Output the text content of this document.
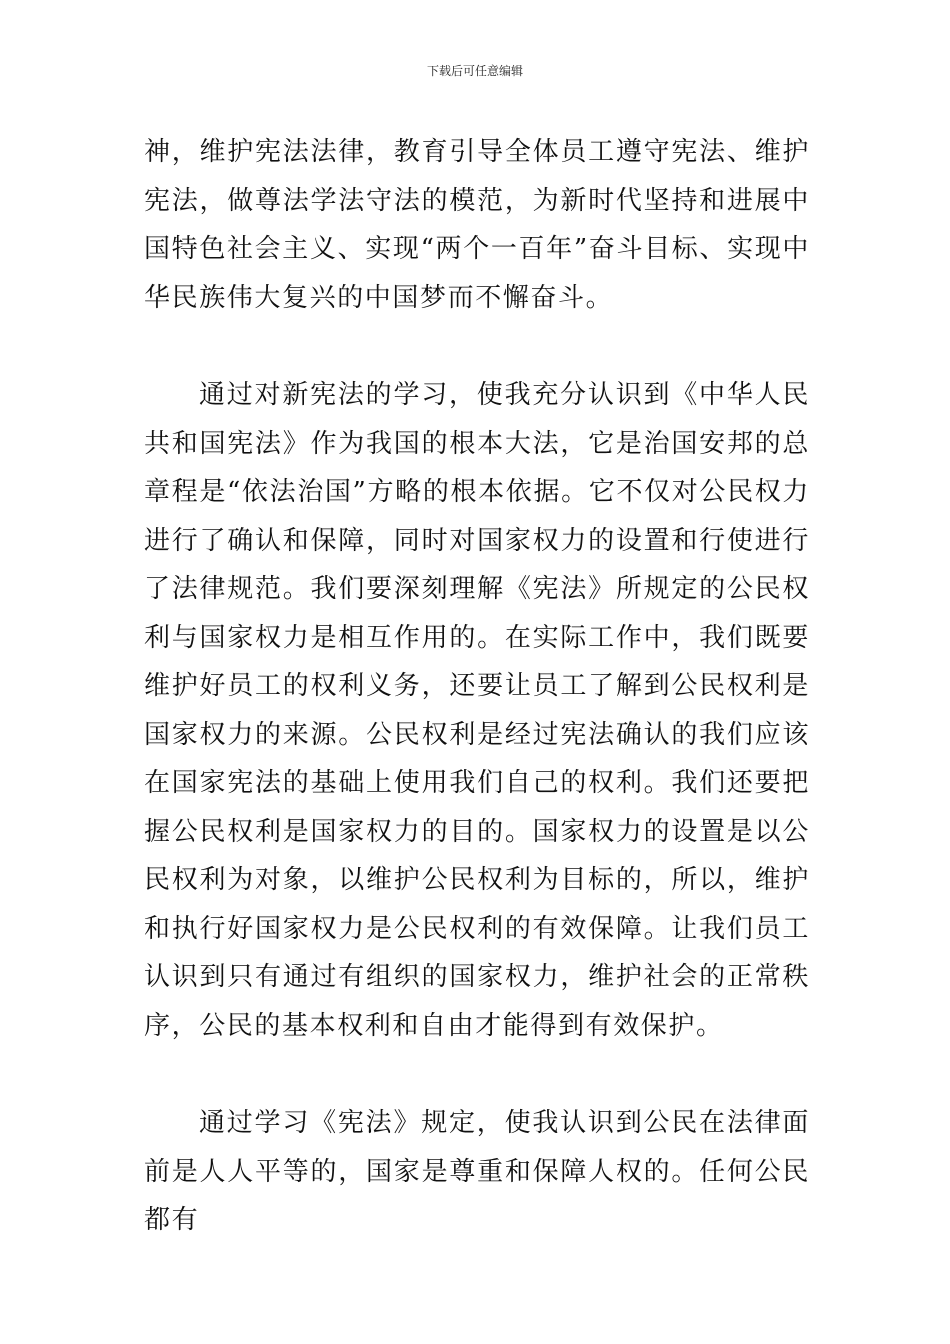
下载后可任意编辑

神，维护宪法法律，教育引导全体员工遵守宪法、维护宪法，做尊法学法守法的模范，为新时代坚持和进展中国特色社会主义、实现“两个一百年”奋斗目标、实现中华民族伟大复兴的中国梦而不懈奋斗。

通过对新宪法的学习，使我充分认识到《中华人民共和国宪法》作为我国的根本大法，它是治国安邦的总章程是“依法治国”方略的根本依据。它不仅对公民权力进行了确认和保障，同时对国家权力的设置和行使进行了法律规范。我们要深刻理解《宪法》所规定的公民权利与国家权力是相互作用的。在实际工作中，我们既要维护好员工的权利义务，还要让员工了解到公民权利是国家权力的来源。公民权利是经过宪法确认的我们应该在国家宪法的基础上使用我们自己的权利。我们还要把握公民权利是国家权力的目的。国家权力的设置是以公民权利为对象，以维护公民权利为目标的，所以，维护和执行好国家权力是公民权利的有效保障。让我们员工认识到只有通过有组织的国家权力，维护社会的正常秩序，公民的基本权利和自由才能得到有效保护。

通过学习《宪法》规定，使我认识到公民在法律面前是人人平等的，国家是尊重和保障人权的。任何公民都有
